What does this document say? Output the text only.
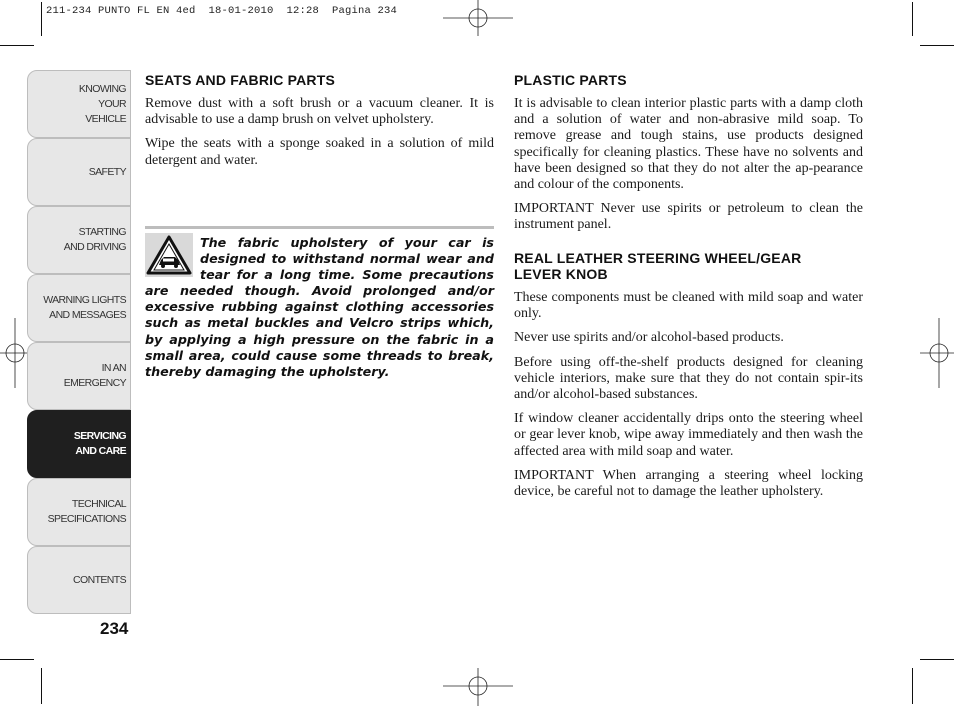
211-234 PUNTO FL EN 4ed  18-01-2010  12:28  Pagina 234
KNOWING
YOUR
VEHICLE
SAFETY
STARTING
AND DRIVING
WARNING LIGHTS
AND MESSAGES
IN AN
EMERGENCY
SERVICING
AND CARE
TECHNICAL
SPECIFICATIONS
CONTENTS
234
SEATS AND FABRIC PARTS

Remove dust with a soft brush or a vacuum cleaner. It is advisable to use a damp brush on velvet upholstery.

Wipe the seats with a sponge soaked in a solution of mild detergent and water.

The fabric upholstery of your car is designed to withstand normal wear and tear for a long time. Some precautions are needed though. Avoid prolonged and/or excessive rubbing against clothing accessories such as metal buckles and Velcro strips which, by applying a high pressure on the fabric in a small area, could cause some threads to break, thereby damaging the upholstery.
PLASTIC PARTS

It is advisable to clean interior plastic parts with a damp cloth and a solution of water and non-abrasive mild soap. To remove grease and tough stains, use products designed specifically for cleaning plastics. These have no solvents and have been designed so that they do not alter the ap-pearance and colour of the components.

IMPORTANT Never use spirits or petroleum to clean the instrument panel.

REAL LEATHER STEERING WHEEL/GEAR LEVER KNOB

These components must be cleaned with mild soap and water only.

Never use spirits and/or alcohol-based products.

Before using off-the-shelf products designed for cleaning vehicle interiors, make sure that they do not contain spir-its and/or alcohol-based substances.

If window cleaner accidentally drips onto the steering wheel or gear lever knob, wipe away immediately and then wash the affected area with mild soap and water.

IMPORTANT When arranging a steering wheel locking device, be careful not to damage the leather upholstery.
